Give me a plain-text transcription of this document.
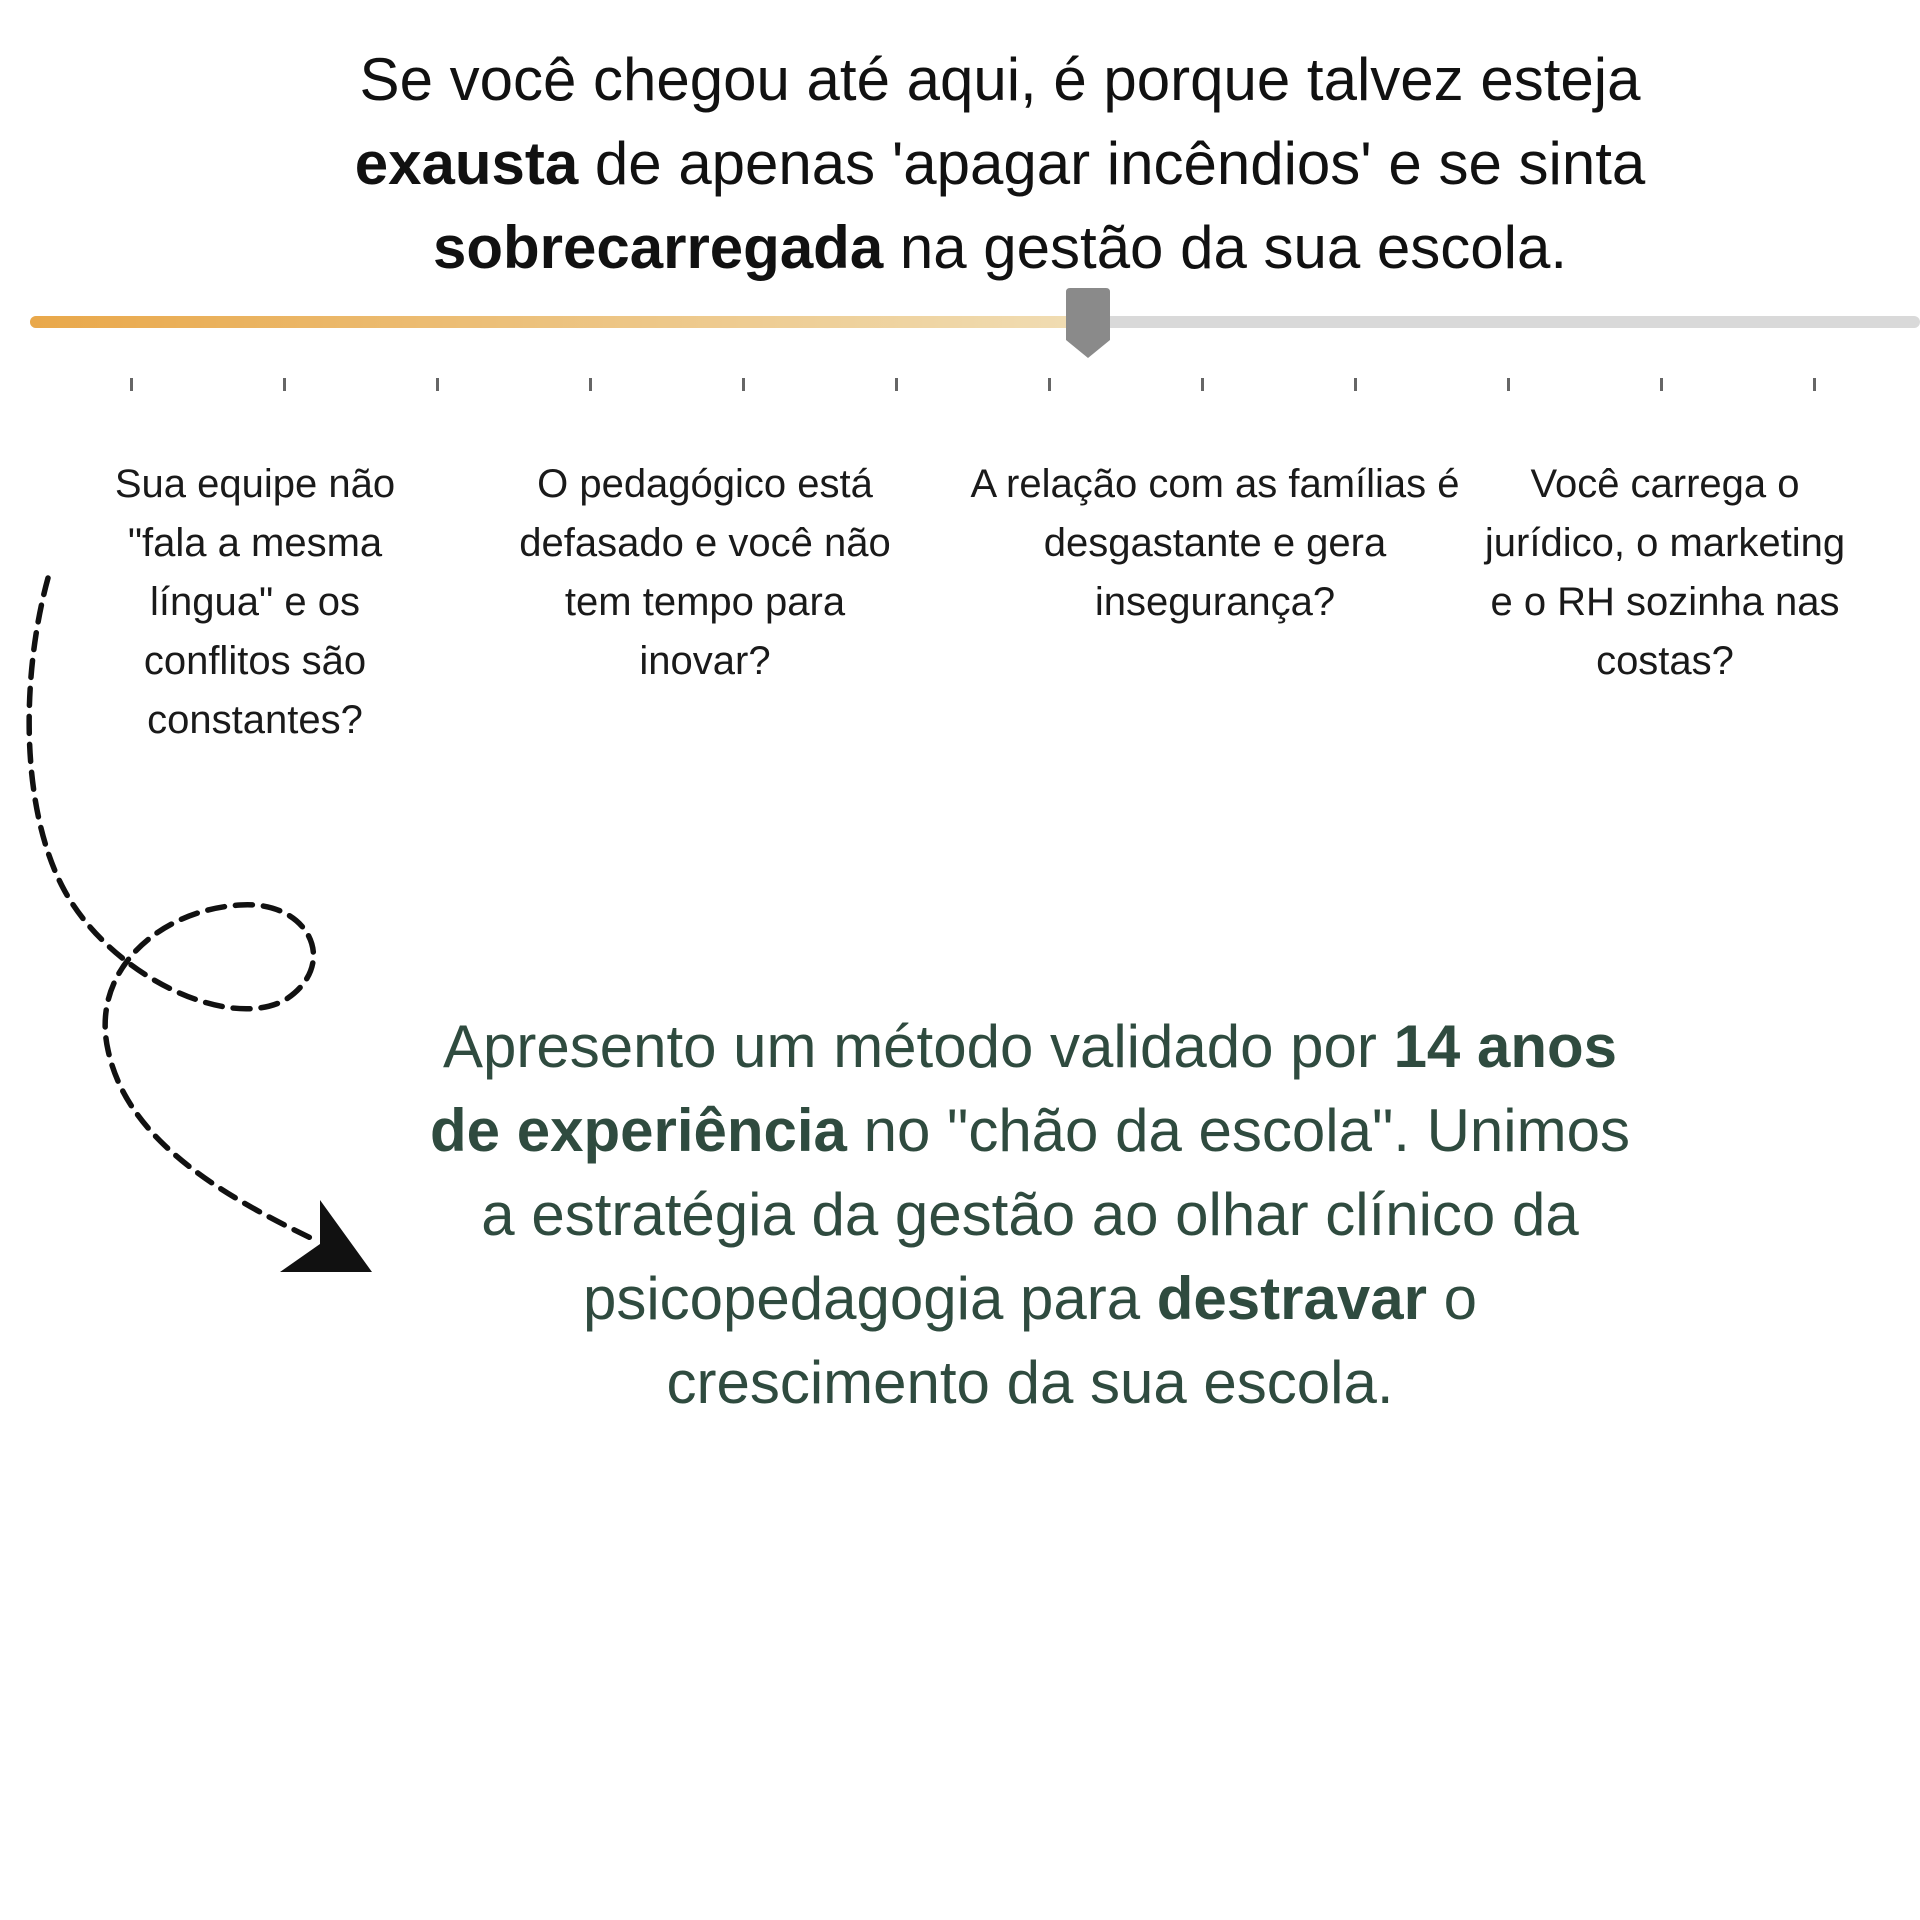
Se você chegou até aqui, é porque talvez esteja exausta de apenas 'apagar incêndios' e se sinta sobrecarregada na gestão da sua escola.

Sua equipe não "fala a mesma língua" e os conflitos são constantes?

O pedagógico está defasado e você não tem tempo para inovar?

A relação com as famílias é desgastante e gera insegurança?

Você carrega o jurídico, o marketing e o RH sozinha nas costas?

Apresento um método validado por 14 anos de experiência no "chão da escola". Unimos a estratégia da gestão ao olhar clínico da psicopedagogia para destravar o crescimento da sua escola.
